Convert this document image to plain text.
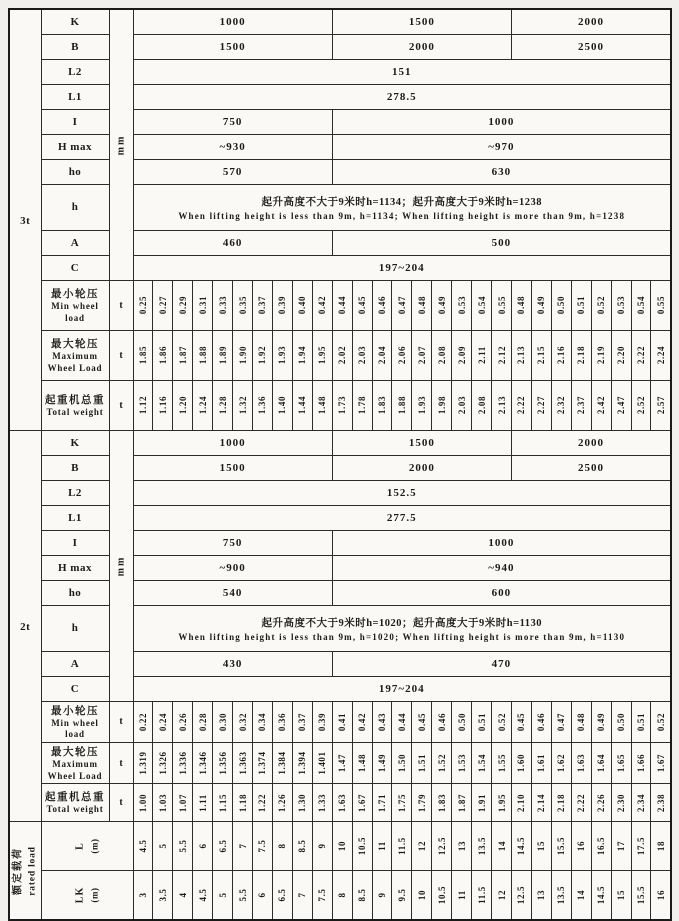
3t	K	mm	1000										1500									2000							
	B		1500										2000									2500							
	L2		151																										
	L1		278.5																										
	I		750										1000																
	H max		~930										~970																
	ho		570										630																
	h		起升高度不大于9米时h=1134；起升高度大于9米时h=1238
When lifting height is less than 9m, h=1134; When lifting height is more than 9m, h=1238																										

	A		460										500																
	C		197~204																										

	最小轮压
Min wheel load	t	0.25	0.27	0.29	0.31	0.33	0.35	0.37	0.39	0.40	0.42	0.44	0.45	0.46	0.47	0.48	0.49	0.53	0.54	0.55	0.48	0.49	0.50	0.51	0.52	0.53	0.54	0.55

	最大轮压
Maximum Wheel Load	t	1.85	1.86	1.87	1.88	1.89	1.90	1.92	1.93	1.94	1.95	2.02	2.03	2.04	2.06	2.07	2.08	2.09	2.11	2.12	2.13	2.15	2.16	2.18	2.19	2.20	2.22	2.24

	起重机总重
Total weight	t	1.12	1.16	1.20	1.24	1.28	1.32	1.36	1.40	1.44	1.48	1.73	1.78	1.83	1.88	1.93	1.98	2.03	2.08	2.13	2.22	2.27	2.32	2.37	2.42	2.47	2.52	2.57

2t	K	mm	1000										1500									2000							
	B		1500										2000									2500							
	L2		152.5																										
	L1		277.5																										
	I		750										1000																
	H max		~900										~940																
	ho		540										600																
	h		起升高度不大于9米时h=1020；起升高度大于9米时h=1130
When lifting height is less than 9m, h=1020; When lifting height is more than 9m, h=1130																										

	A		430										470																
	C		197~204																										

	最小轮压
Min wheel load	t	0.22	0.24	0.26	0.28	0.30	0.32	0.34	0.36	0.37	0.39	0.41	0.42	0.43	0.44	0.45	0.46	0.50	0.51	0.52	0.45	0.46	0.47	0.48	0.49	0.50	0.51	0.52

	最大轮压
Maximum Wheel Load	t	1.319	1.326	1.336	1.346	1.356	1.363	1.374	1.384	1.394	1.401	1.47	1.48	1.49	1.50	1.51	1.52	1.53	1.54	1.55	1.60	1.61	1.62	1.63	1.64	1.65	1.66	1.67

	起重机总重
Total weight	t	1.00	1.03	1.07	1.11	1.15	1.18	1.22	1.26	1.30	1.33	1.63	1.67	1.71	1.75	1.79	1.83	1.87	1.91	1.95	2.10	2.14	2.18	2.22	2.26	2.30	2.34	2.38

额定载荷 rated load	L (m)		4.5	5	5.5	6	6.5	7	7.5	8	8.5	9	10	10.5	11	11.5	12	12.5	13	13.5	14	14.5	15	15.5	16	16.5	17	17.5	18

	LK (m)		3	3.5	4	4.5	5	5.5	6	6.5	7	7.5	8	8.5	9	9.5	10	10.5	11	11.5	12	12.5	13	13.5	14	14.5	15	15.5	16
